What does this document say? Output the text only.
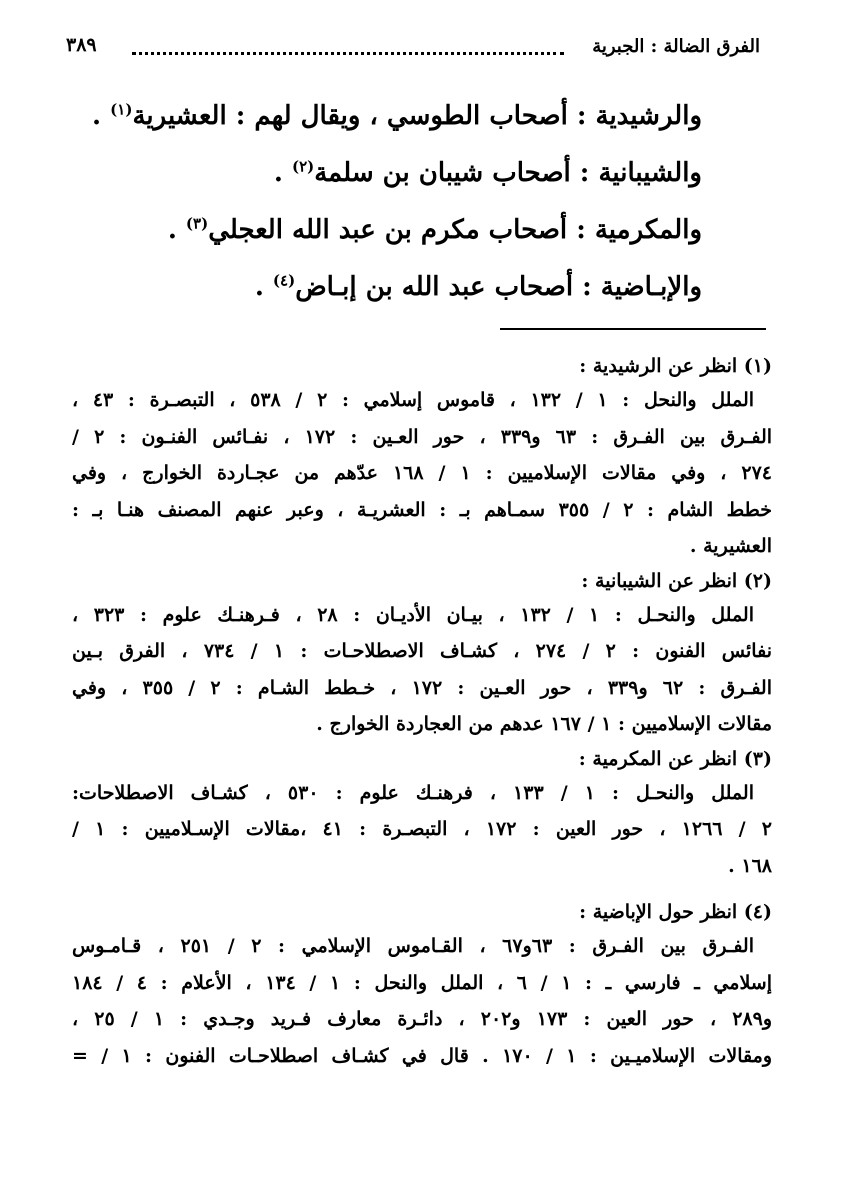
الفرق الضالة : الجبرية
٣٨٩
والرشيدية : أصحاب الطوسي ، ويقال لهم : العشيرية$^{(١)}$ .
والشيبانية : أصحاب شيبان بن سلمة$^{(٢)}$ .
والمكرمية : أصحاب مكرم بن عبد الله العجلي$^{(٣)}$ .
والإبـاضية : أصحاب عبد الله بن إبـاض$^{(٤)}$ .
(١) انظر عن الرشيدية :
الملل والنحل : ١ / ١٣٢ ، قاموس إسلامي : ٢ / ٥٣٨ ، التبصـرة : ٤٣ ،
الفـرق بين الفـرق : ٦٣ و٣٣٩ ، حور العـين : ١٧٢ ، نفـائس الفنـون : ٢ /
٢٧٤ ، وفي مقالات الإسلاميين : ١ / ١٦٨ عدّهم من عجـاردة الخوارج ، وفي
خطط الشام : ٢ / ٣٥٥ سمـاهم بـ : العشريـة ، وعبر عنهم المصنف هنـا بـ :
العشيرية .
(٢) انظر عن الشيبانية :
الملل والنحـل : ١ / ١٣٢ ، بيـان الأديـان : ٢٨ ، فـرهنـك علوم : ٣٢٣ ،
نفائس الفنون : ٢ / ٢٧٤ ، كشـاف الاصطلاحـات : ١ / ٧٣٤ ، الفرق بـين
الفـرق : ٦٢ و٣٣٩ ، حور العـين : ١٧٢ ، خـطط الشـام : ٢ / ٣٥٥ ، وفي
مقالات الإسلاميين : ١ / ١٦٧ عدهم من العجاردة الخوارج .
(٣) انظر عن المكرمية :
الملل والنحـل : ١ / ١٣٣ ، فرهنـك علوم : ٥٣٠ ، كشـاف الاصطلاحات:
٢ / ١٢٦٦ ، حور العين : ١٧٢ ، التبصـرة : ٤١ ،مقالات الإسـلاميين : ١ /
١٦٨ .
(٤) انظر حول الإباضية :
الفـرق بين الفـرق : ٦٣و٦٧ ، القـاموس الإسلامي : ٢ / ٢٥١ ، قـامـوس
إسلامي ـ فارسي ـ : ١ / ٦ ، الملل والنحل : ١ / ١٣٤ ، الأعلام : ٤ / ١٨٤
و٢٨٩ ، حور العين : ١٧٣ و٢٠٢ ، دائـرة معارف فـريد وجـدي : ١ / ٢٥ ،
ومقالات الإسلاميـين : ١ / ١٧٠ . قال في كشـاف اصطلاحـات الفنون : ١ / =
